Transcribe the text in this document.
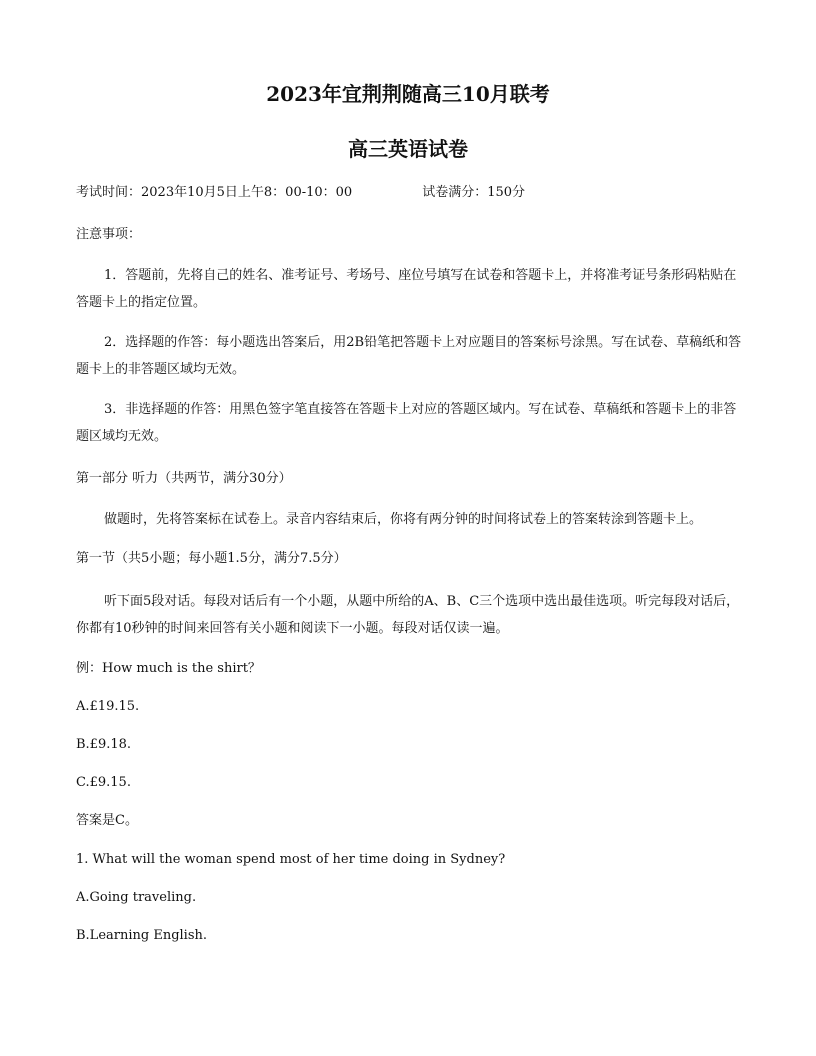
2023年宜荆荆随高三10月联考
高三英语试卷
考试时间：2023年10月5日上午8：00-10：00	试卷满分：150分
注意事项：
1．答题前，先将自己的姓名、准考证号、考场号、座位号填写在试卷和答题卡上，并将准考证号条形码粘贴在答题卡上的指定位置。
2．选择题的作答：每小题选出答案后，用2B铅笔把答题卡上对应题目的答案标号涂黑。写在试卷、草稿纸和答题卡上的非答题区域均无效。
3．非选择题的作答：用黑色签字笔直接答在答题卡上对应的答题区域内。写在试卷、草稿纸和答题卡上的非答题区域均无效。
第一部分 听力（共两节，满分30分）
做题时，先将答案标在试卷上。录音内容结束后，你将有两分钟的时间将试卷上的答案转涂到答题卡上。
第一节（共5小题；每小题1.5分，满分7.5分）
听下面5段对话。每段对话后有一个小题，从题中所给的A、B、C三个选项中选出最佳选项。听完每段对话后，你都有10秒钟的时间来回答有关小题和阅读下一小题。每段对话仅读一遍。
例：How much is the shirt？
A.£19.15.
B.£9.18.
C.£9.15.
答案是C。
1. What will the woman spend most of her time doing in Sydney?
A.Going traveling.
B.Learning English.
